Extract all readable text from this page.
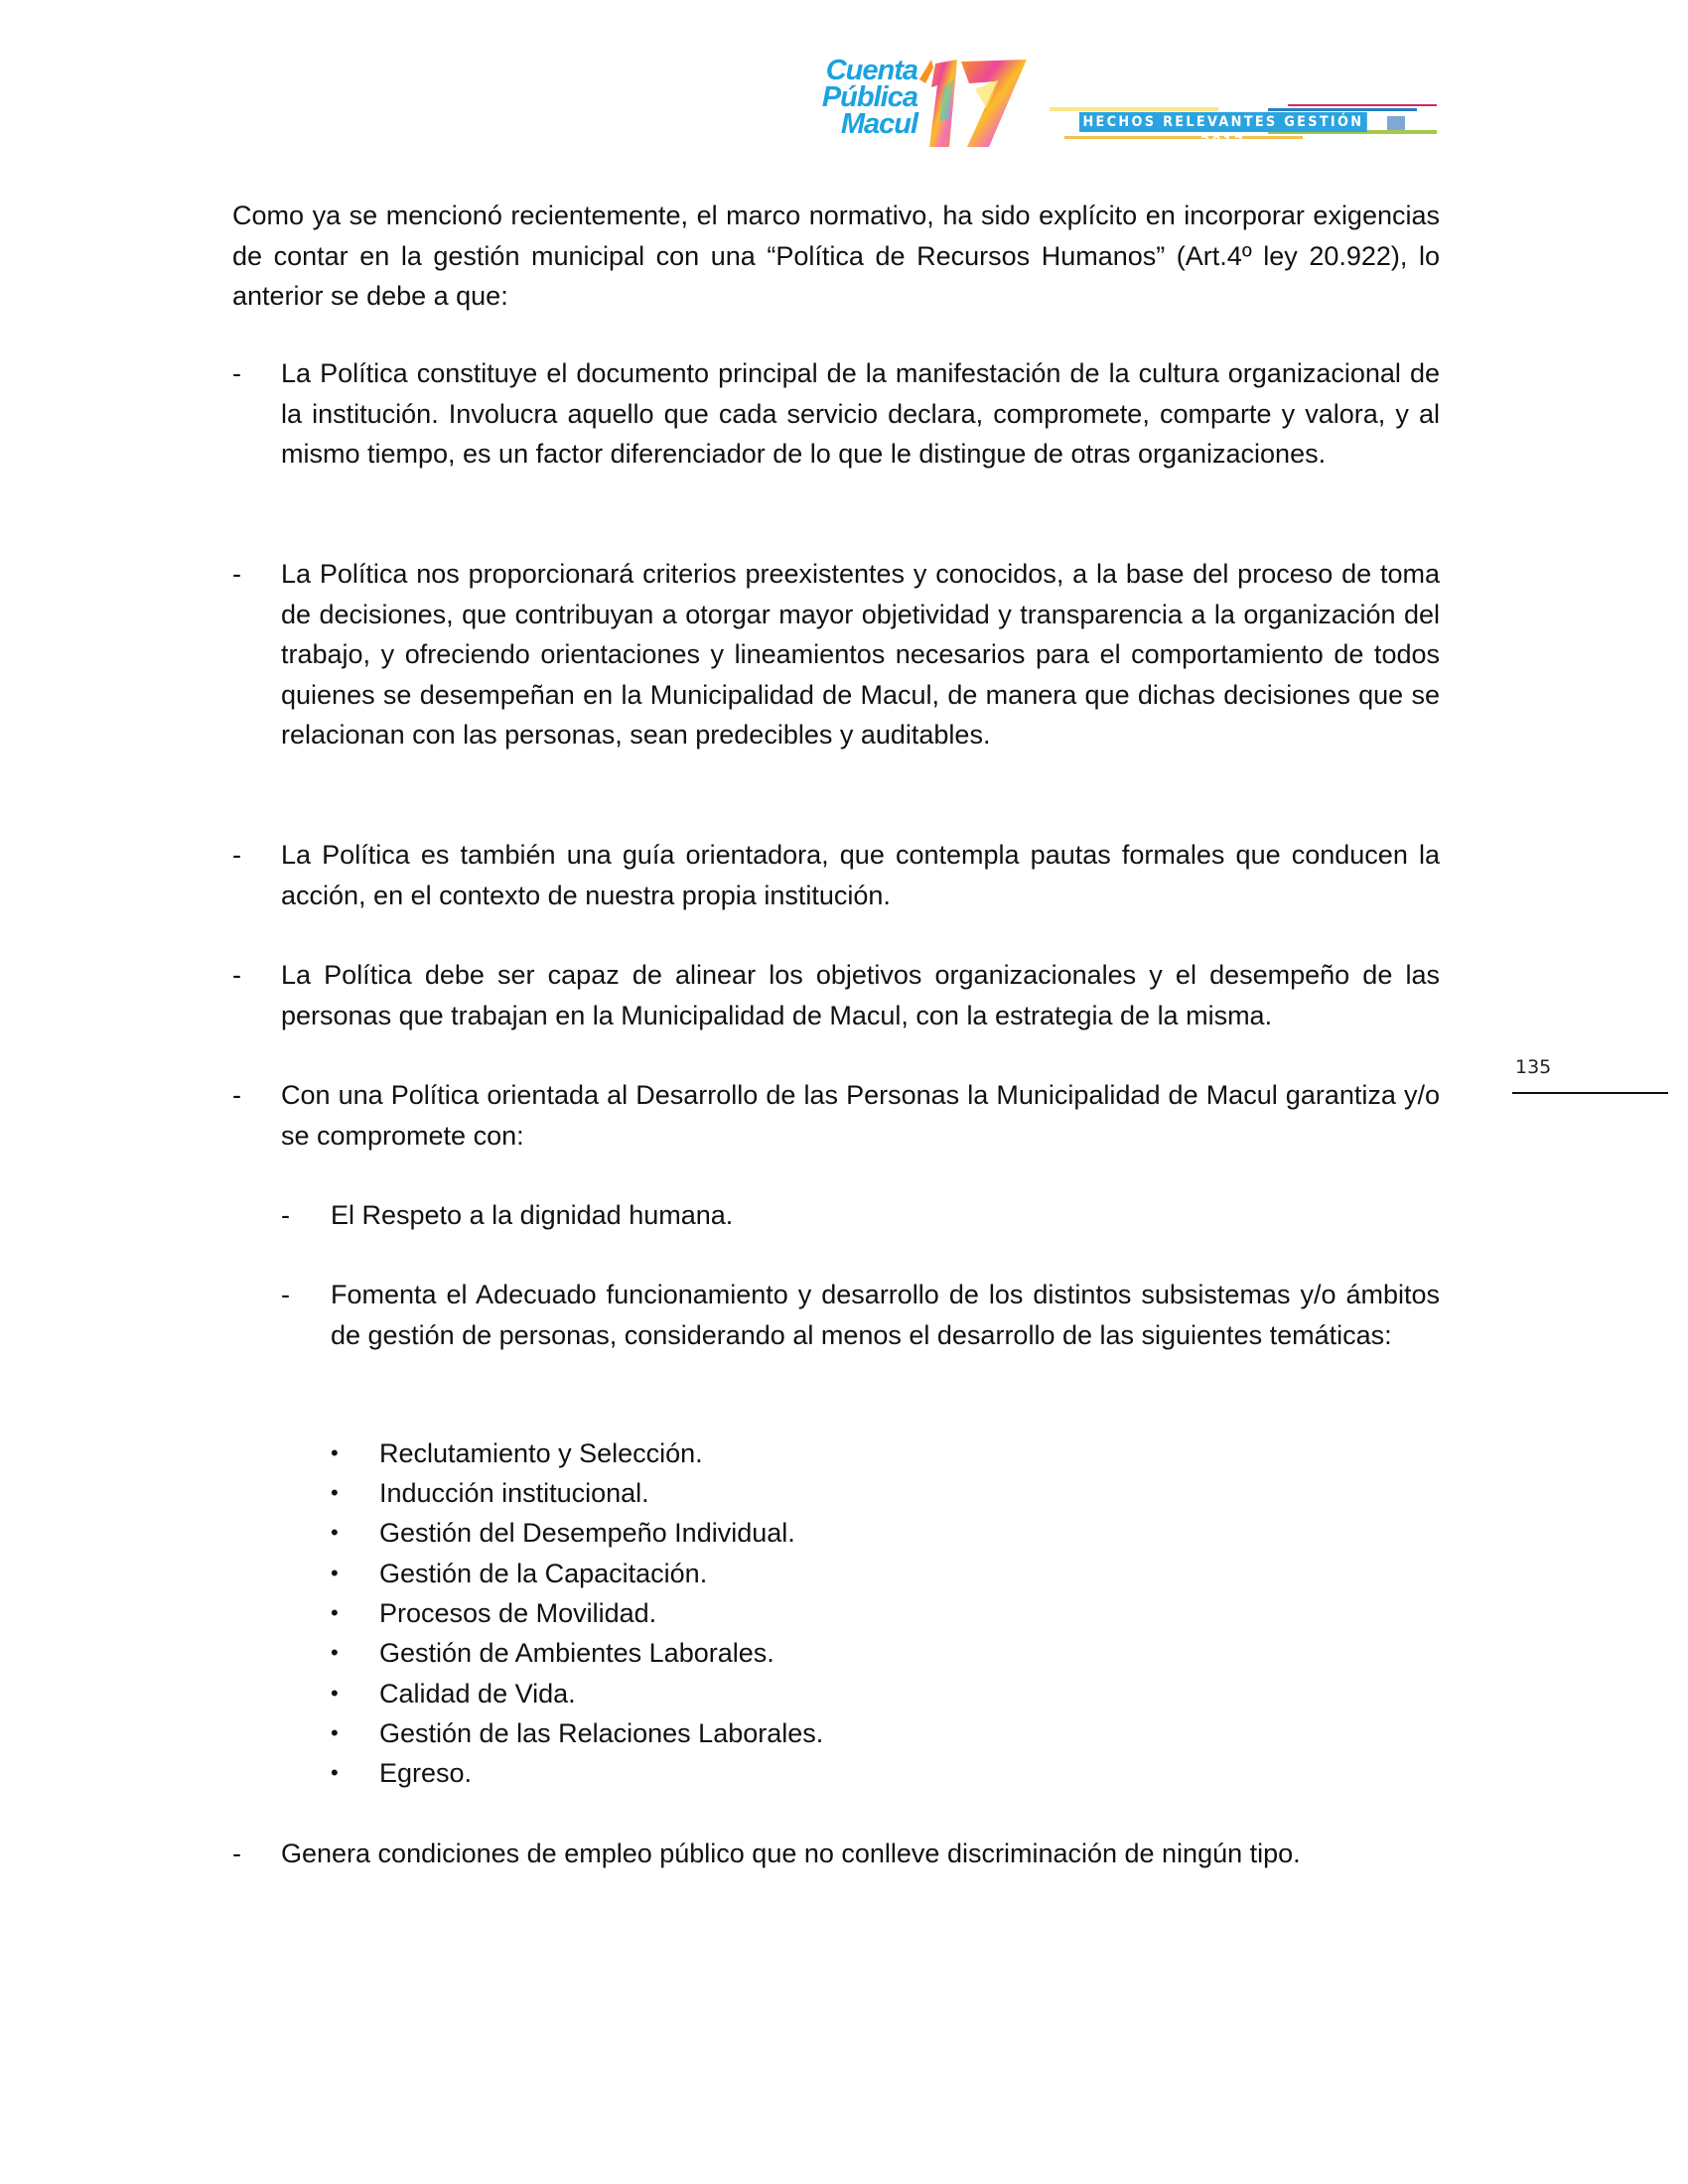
Cuenta
Pública
Macul	HECHOS RELEVANTES GESTIÓN 2017
Como ya se mencionó recientemente, el marco normativo, ha sido explícito en incorporar exigencias de contar en la gestión municipal con una “Política de Recursos Humanos” (Art.4º ley 20.922), lo anterior se debe a que:
-	La Política constituye el documento principal de la manifestación de la cultura organizacional de la institución. Involucra aquello que cada servicio declara, compromete, comparte y valora, y al mismo tiempo, es un factor diferenciador de lo que le distingue de otras organizaciones.
-	La Política nos proporcionará criterios preexistentes y conocidos, a la base del proceso de toma de decisiones, que contribuyan a otorgar mayor objetividad y transparencia a la organización del trabajo, y ofreciendo orientaciones y lineamientos necesarios para el comportamiento de todos quienes se desempeñan en la Municipalidad de Macul, de manera que dichas decisiones que se relacionan con las personas, sean predecibles y auditables.
-	La Política es también una guía orientadora, que contempla pautas formales que conducen la acción, en el contexto de nuestra propia institución.
-	La Política debe ser capaz de alinear los objetivos organizacionales y el desempeño de las personas que trabajan en la Municipalidad de Macul, con la estrategia de la misma.
135
-	Con una Política orientada al Desarrollo de las Personas la Municipalidad de Macul garantiza y/o se compromete con:
-	El Respeto a la dignidad humana.
-	Fomenta el Adecuado funcionamiento y desarrollo de los distintos subsistemas y/o ámbitos de gestión de personas, considerando al menos el desarrollo de las siguientes temáticas:
•	Reclutamiento y Selección.
•	Inducción institucional.
•	Gestión del Desempeño Individual.
•	Gestión de la Capacitación.
•	Procesos de Movilidad.
•	Gestión de Ambientes Laborales.
•	Calidad de Vida.
•	Gestión de las Relaciones Laborales.
•	Egreso.
-	Genera condiciones de empleo público que no conlleve discriminación de ningún tipo.
